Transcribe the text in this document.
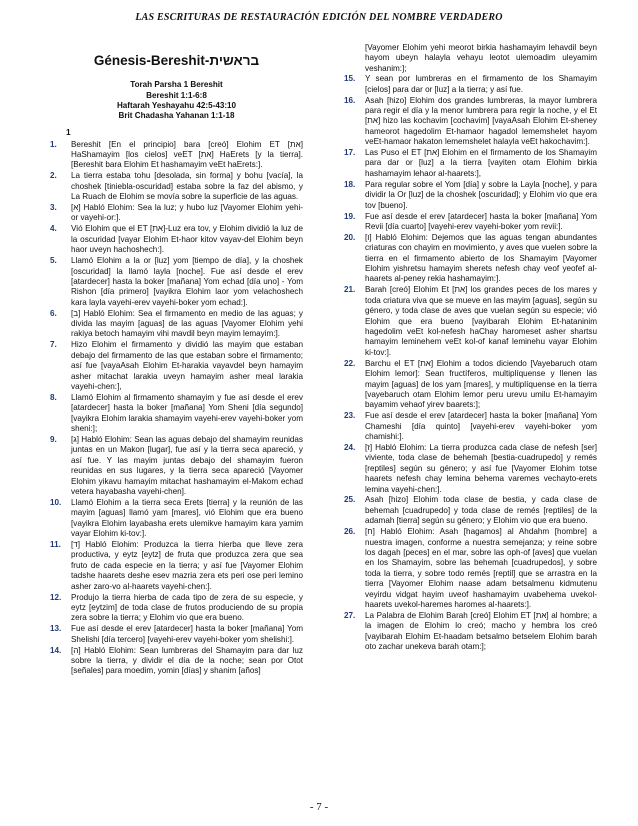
LAS ESCRITURAS DE RESTAURACIÓN EDICIÓN DEL NOMBRE VERDADERO
Génesis-Bereshit-בראשית
Torah Parsha 1 Bereshit
Bereshit 1:1-6:8
Haftarah Yeshayahu 42:5-43:10
Brit Chadasha Yahanan 1:1-18
1
1.	Bereshit [En el principio] bara [creó] Elohim ET [את] HaShamayim [los cielos] veET [את] HaErets [y la tierra]. [Bereshit bara Elohim Et hashamayim veEt haErets:].
2.	La tierra estaba tohu [desolada, sin forma] y bohu [vacía], la choshek [tiniebla-oscuridad] estaba sobre la faz del abismo, y La Ruach de Elohim se movía sobre la superficie de las aguas.
3.	[א] Habló Elohim: Sea la luz; y hubo luz [Vayomer Elohim yehi-or vayehi-or:].
4.	Vió Elohim que el ET [את]-Luz era tov, y Elohim dividió la luz de la oscuridad [vayar Elohim Et-haor kitov vayav-del Elohim beyn haor uveyn hachoshech:].
5.	Llamó Elohim a la or [luz] yom [tiempo de día], y la choshek [oscuridad] la llamó layla [noche]. Fue así desde el erev [atardecer] hasta la boker [mañana] Yom echad [día uno] - Yom Rishon [día primero] [vayikra Elohim laor yom velachoshech kara layla vayehi-erev vayehi-boker yom echad:].
6.	[ב] Habló Elohim: Sea el firmamento en medio de las aguas; y divida las mayim [aguas] de las aguas [Vayomer Elohim yehi rakiya betoch hamayim vihi mavdil beyn mayim lemayim:].
7.	Hizo Elohim el firmamento y dividió las mayim que estaban debajo del firmamento de las que estaban sobre el firmamento; así fue [vayaAsah Elohim Et-harakia vayavdel beyn hamayim asher mitachat larakia uveyn hamayim asher meal larakia vayehi-chen:],
8.	Llamó Elohim al firmamento shamayim y fue así desde el erev [atardecer] hasta la boker [mañana] Yom Sheni [día segundo] [vayikra Elohim larakia shamayim vayehi-erev vayehi-boker yom sheni:];
9.	[ג] Habló Elohim: Sean las aguas debajo del shamayim reunidas juntas en un Makon [lugar], fue así y la tierra seca apareció, y así fue. Y las mayim juntas debajo del shamayim fueron reunidas en sus lugares, y la tierra seca apareció [Vayomer Elohim yikavu hamayim mitachat hashamayim el-Makom echad vetera hayabasha vayehi-chen].
10.	Llamó Elohim a la tierra seca Erets [tierra] y la reunión de las mayim [aguas] llamó yam [mares], vió Elohim que era bueno [vayikra Elohim layabasha erets ulemikve hamayim kara yamim vayar Elohim ki-tov:].
11.	[ד] Habló Elohim: Produzca la tierra hierba que lleve zera productiva, y eytz [eytz] de fruta que produzca zera que sea fruto de cada especie en la tierra; y así fue [Vayomer Elohim tadshe haarets deshe esev mazria zera ets peri ose peri lemino asher zaro-vo al-haarets vayehi-chen:].
12.	Produjo la tierra hierba de cada tipo de zera de su especie, y eytz [eytzim] de toda clase de frutos produciendo de su propia zera sobre la tierra; y Elohim vio que era bueno.
13.	Fue así desde el erev [atardecer] hasta la boker [mañana] Yom Shelishi [día tercero] [vayehi-erev vayehi-boker yom shelishi:].
14.	[ה] Habló Elohim: Sean lumbreras del Shamayim para dar luz sobre la tierra, y dividir el día de la noche; sean por Otot [señales] para moedim, yomin [días] y shanim [años]
[Vayomer Elohim yehi meorot birkia hashamayim lehavdil beyn hayom ubeyn halayla vehayu leotot ulemoadim uleyamim veshanim:];
15.	Y sean por lumbreras en el firmamento de los Shamayim [cielos] para dar or [luz] a la tierra; y así fue.
16.	Asah [hizo] Elohim dos grandes lumbreras, la mayor lumbrera para regir el día y la menor lumbrera para regir la noche, y el Et [את] hizo las kochavim [cochavim] [vayaAsah Elohim Et-sheney hameorot hagedolim Et-hamaor hagadol lememshelet hayom veEt-hamaor hakaton lememshelet halayla veEt hakochavim:].
17.	Las Puso el ET [את] Elohim en el firmamento de los Shamayim para dar or [luz] a la tierra [vayiten otam Elohim birkia hashamayim lehaor al-haarets:],
18.	Para regular sobre el Yom [día] y sobre la Layla [noche], y para dividir la Or [luz] de la choshek [oscuridad]; y Elohim vio que era tov [bueno].
19.	Fue así desde el erev [atardecer] hasta la boker [mañana] Yom Revii [día cuarto] [vayehi-erev vayehi-boker yom revii:].
20.	[ו] Habló Elohim: Dejemos que las aguas tengan abundantes criaturas con chayim en movimiento, y aves que vuelen sobre la tierra en el firmamento abierto de los Shamayim [Vayomer Elohim yishretsu hamayim sherets nefesh chay veof yeofef al-haarets al-peney rekia hashamayim:].
21.	Barah [creó] Elohim Et [את] los grandes peces de los mares y toda criatura viva que se mueve en las mayim [aguas], según su género, y toda clase de aves que vuelan según su especie; vió Elohim que era bueno [vayibarah Elohim Et-hataninim hagedolim veEt kol-nefesh haChay haromeset asher shartsu hamayim leminehem veEt kol-of kanaf leminehu vayar Elohim ki-tov:].
22.	Barchu el ET [את] Elohim a todos diciendo [Vayebaruch otam Elohim lemor]: Sean fructíferos, multiplíquense y llenen las mayim [aguas] de los yam [mares], y multiplíquense en la tierra [vayebaruch otam Elohim lemor peru urevu umilu Et-hamayim bayamim vehaof yirev baarets:];
23.	Fue así desde el erev [atardecer] hasta la boker [mañana] Yom Chameshi [día quinto] [vayehi-erev vayehi-boker yom chamishi:].
24.	[ז] Habló Elohim: La tierra produzca cada clase de nefesh [ser] viviente, toda clase de behemah [bestia-cuadrupedo] y remés [reptiles] según su género; y así fue [Vayomer Elohim totse haarets nefesh chay lemina behema varemes vechayto-erets lemina vayehi-chen:].
25.	Asah [hizo] Elohim toda clase de bestia, y cada clase de behemah [cuadrupedo] y toda clase de remés [reptiles] de la adamah [tierra] según su género; y Elohim vio que era bueno.
26.	[ח] Habló Elohim: Asah [hagamos] al Ahdahm [hombre] a nuestra imagen, conforme a nuestra semejanza; y reine sobre los dagah [peces] en el mar, sobre las oph-of [aves] que vuelan en los Shamayim, sobre las behemah [cuadrupedos], y sobre toda la tierra, y sobre todo remés [reptil] que se arrastra en la tierra [Vayomer Elohim naase adam betsalmenu kidmutenu veyirdu vidgat hayim uveof hashamayim uvabehema uvekol-haarets uvekol-haremes haromes al-haarets:].
27.	La Palabra de Elohim Barah [creó] Elohim ET [את] al hombre; a la imagen de Elohim lo creó; macho y hembra los creó [vayibarah Elohim Et-haadam betsalmo betselem Elohim barah oto zachar unekeva barah otam:];
- 7 -
